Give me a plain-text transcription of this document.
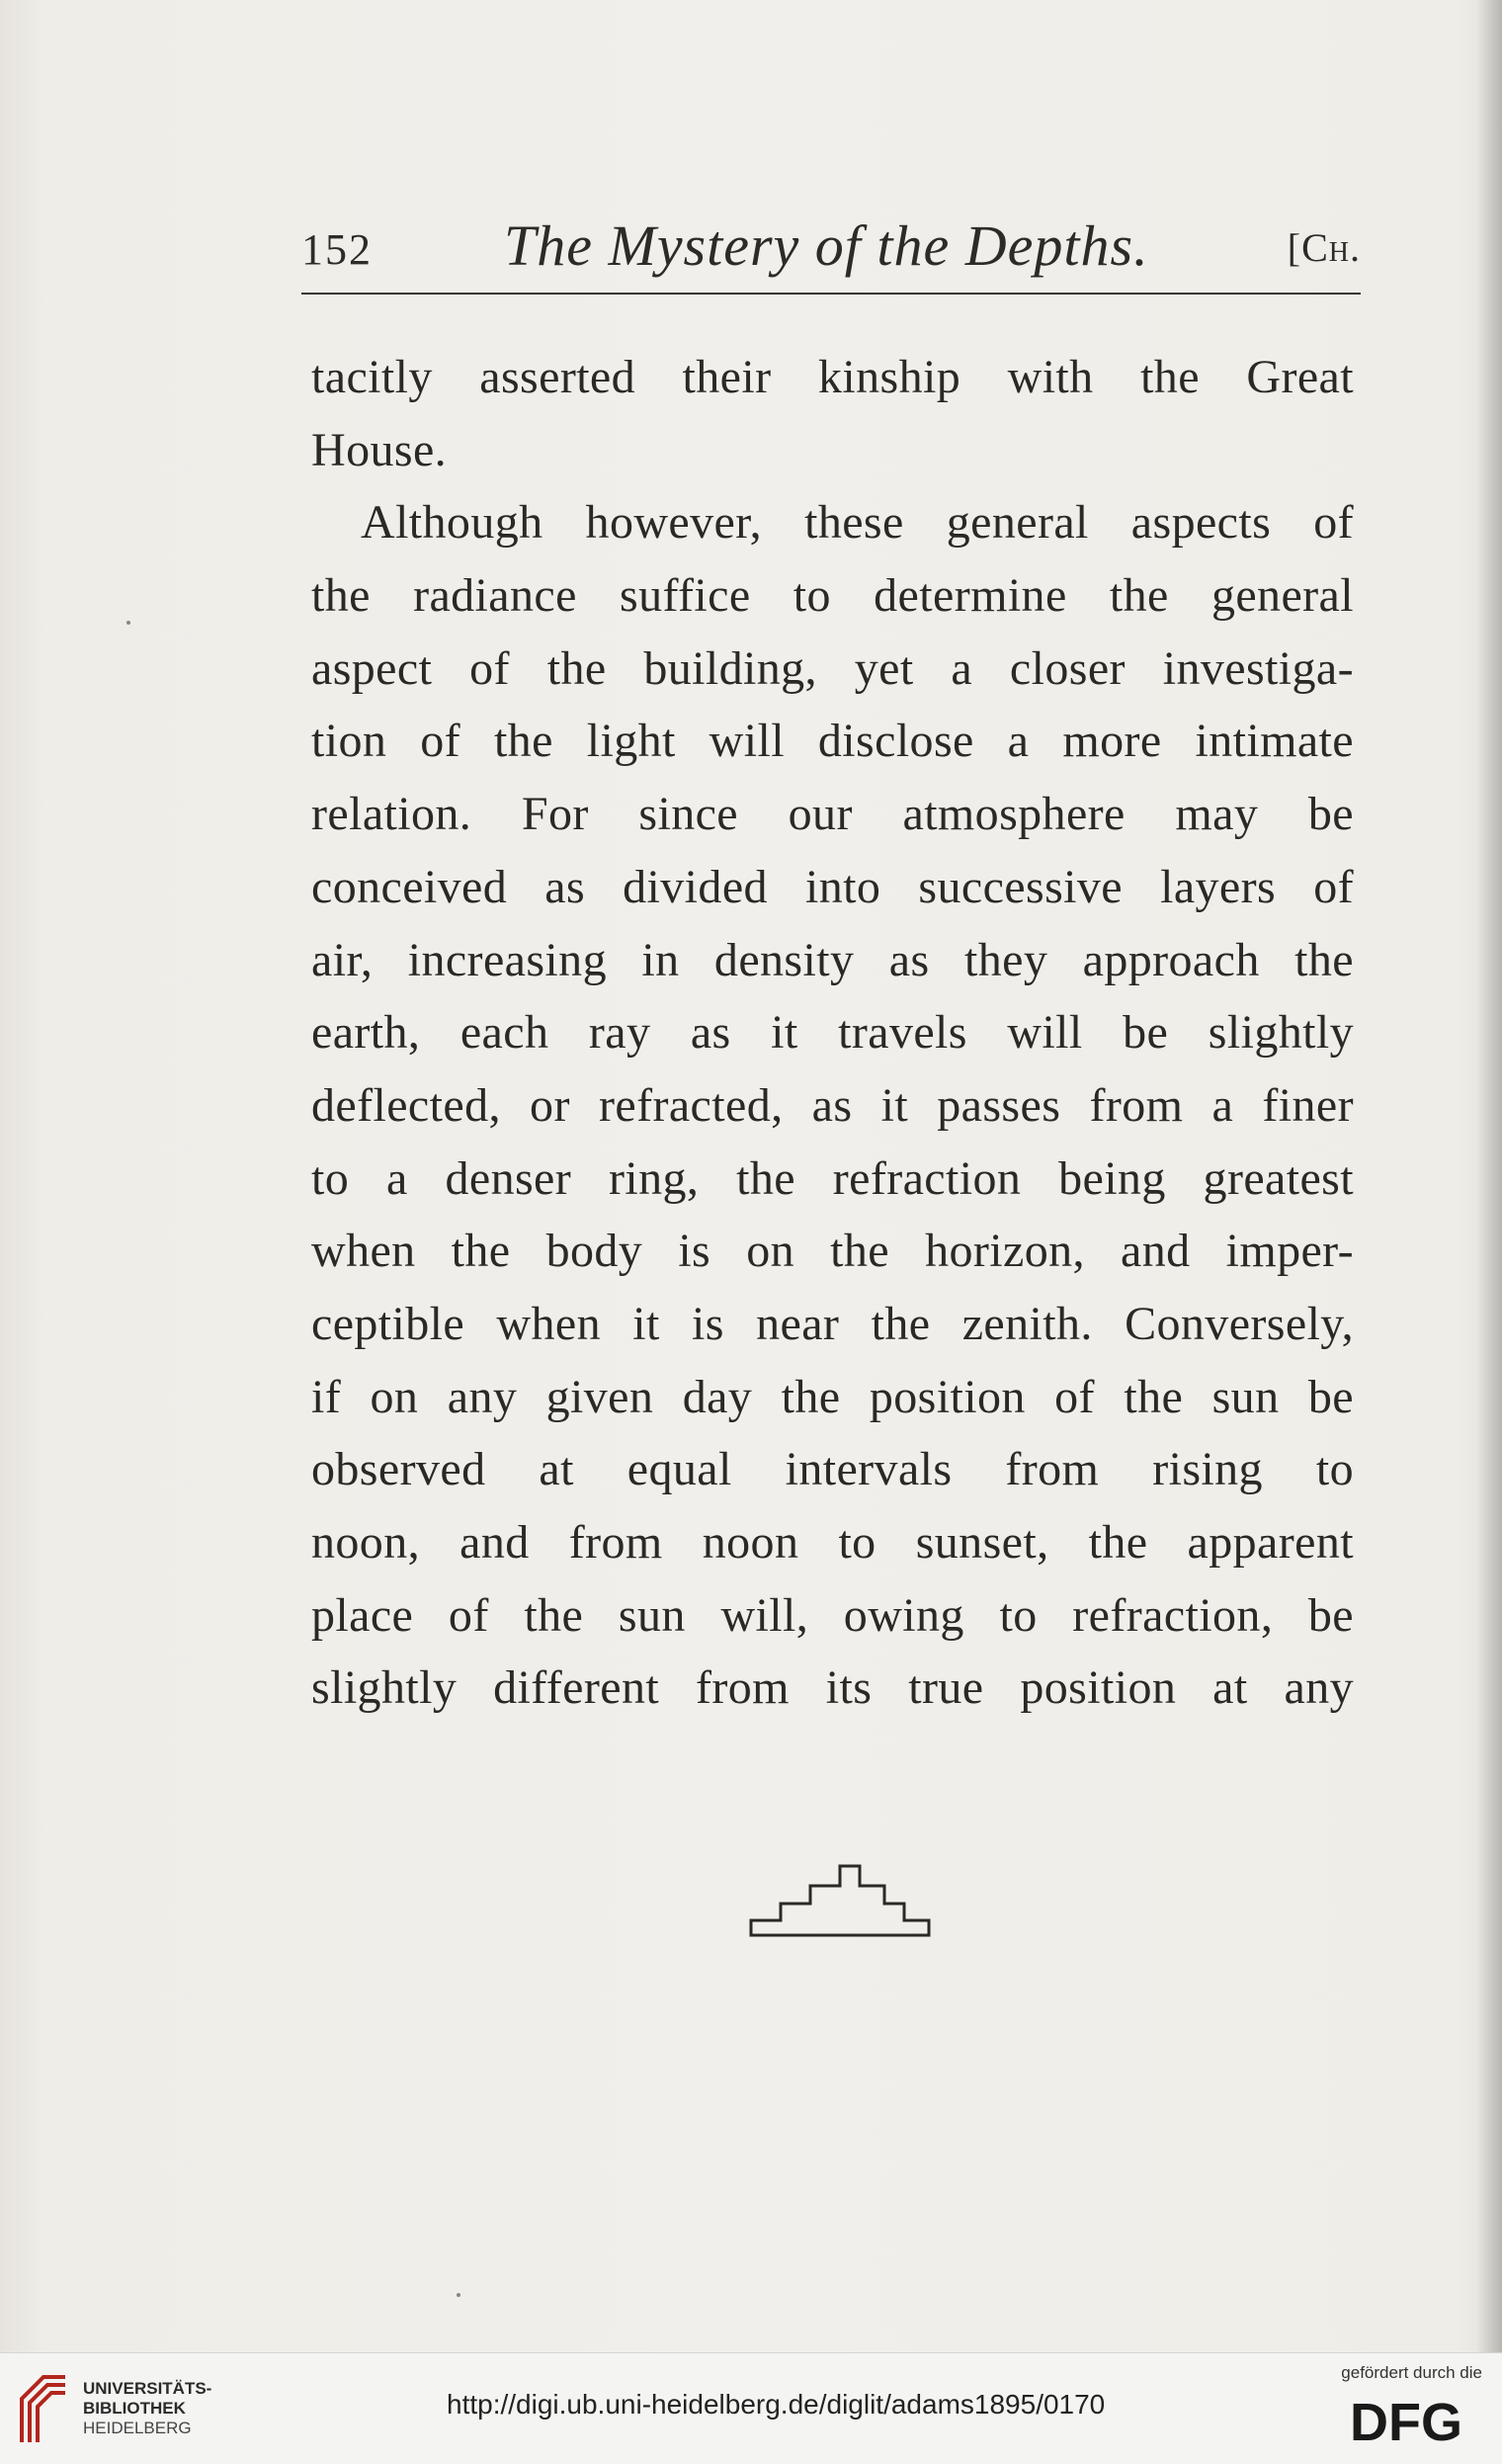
152 The Mystery of the Depths.	[Ch.
tacitly asserted their kinship with the Great
House.
Although however, these general aspects of
the radiance suffice to determine the general
aspect of the building, yet a closer investiga-
tion of the light will disclose a more intimate
relation. For since our atmosphere may be
conceived as divided into successive layers of
air, increasing in density as they approach the
earth, each ray as it travels will be slightly
deflected, or refracted, as it passes from a finer
to a denser ring, the refraction being greatest
when the body is on the horizon, and imper-
ceptible when it is near the zenith. Conversely,
if on any given day the position of the sun be
observed at equal intervals from rising to
noon, and from noon to sunset, the apparent
place of the sun will, owing to refraction, be
slightly different from its true position at any
UNIVERSITÄTS-
BIBLIOTHEK
HEIDELBERG
http://digi.ub.uni-heidelberg.de/diglit/adams1895/0170
gefördert durch die
DFG
